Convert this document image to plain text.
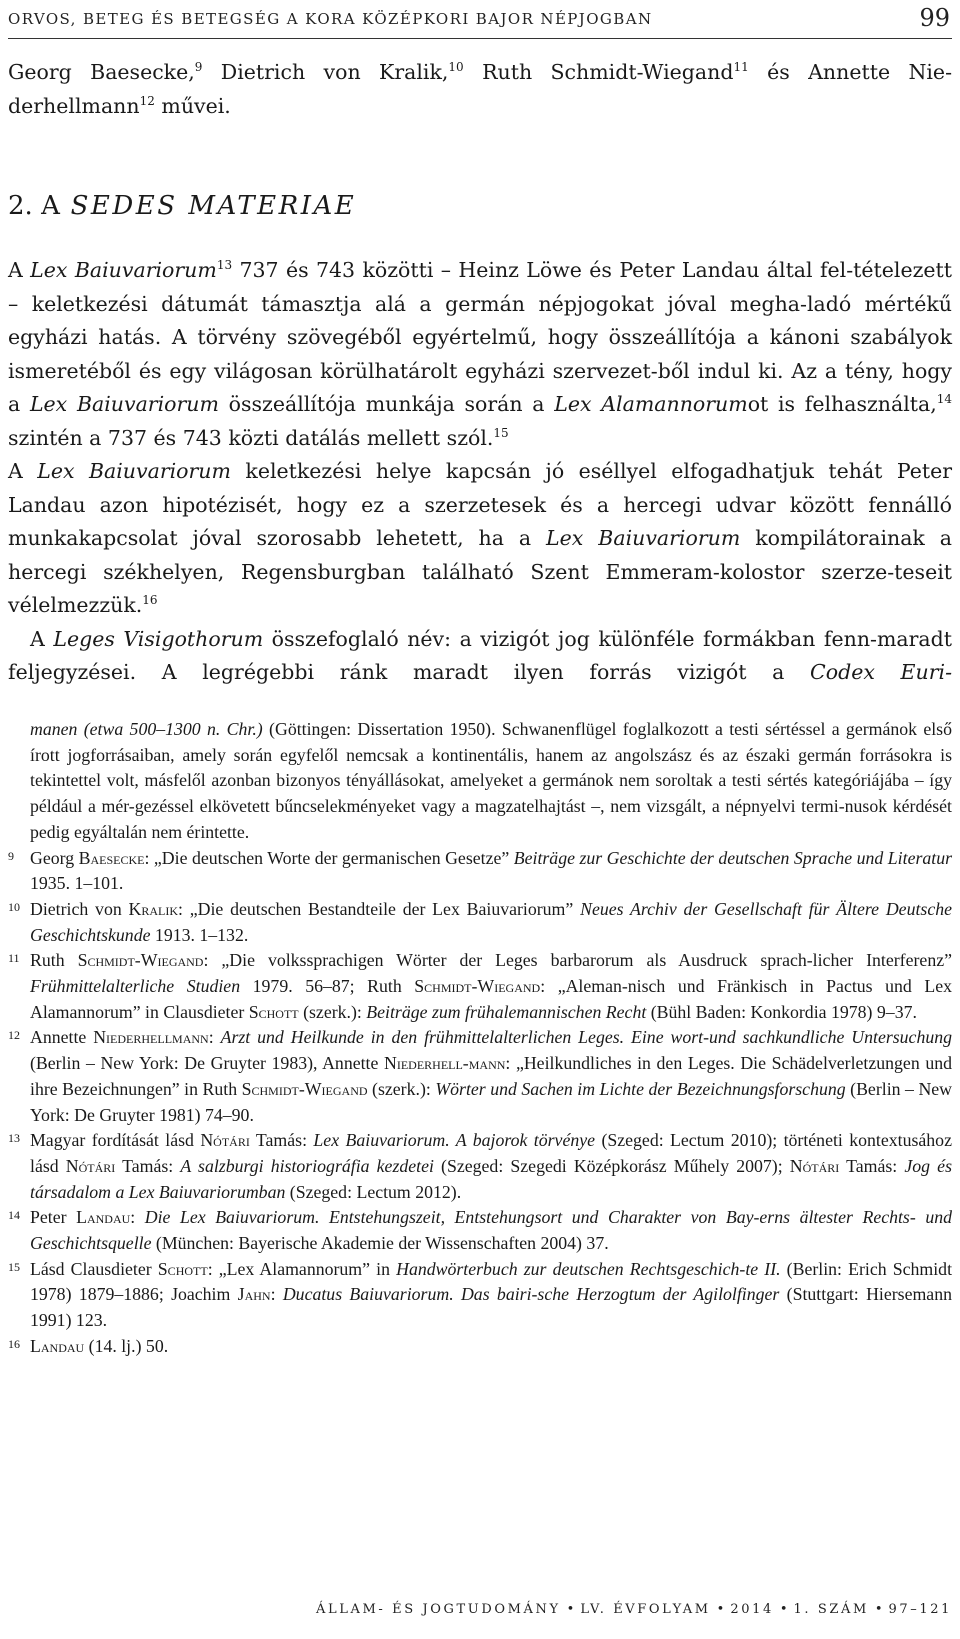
ORVOS, BETEG ÉS BETEGSÉG A KORA KÖZÉPKORI BAJOR NÉPJOGBAN	99

Georg Baesecke,$^9$ Dietrich von Kralik,$^{10}$ Ruth Schmidt-Wiegand$^{11}$ és Annette Nie-derhellmann$^{12}$ művei.

2. A SEDES MATERIAE

A Lex Baiuvariorum$^{13}$ 737 és 743 közötti – Heinz Löwe és Peter Landau által fel-tételezett – keletkezési dátumát támasztja alá a germán népjogokat jóval megha-ladó mértékű egyházi hatás. A törvény szövegéből egyértelmű, hogy összeállítója a kánoni szabályok ismeretéből és egy világosan körülhatárolt egyházi szervezet-ből indul ki. Az a tény, hogy a Lex Baiuvariorum összeállítója munkája során a Lex Alamannorumot is felhasználta,$^{14}$ szintén a 737 és 743 közti datálás mellett szól.$^{15}$

A Lex Baiuvariorum keletkezési helye kapcsán jó eséllyel elfogadhatjuk tehát Peter Landau azon hipotézisét, hogy ez a szerzetesek és a hercegi udvar között fennálló munkakapcsolat jóval szorosabb lehetett, ha a Lex Baiuvariorum kompilátorainak a hercegi székhelyen, Regensburgban található Szent Emmeram-kolostor szerze-teseit vélelmezzük.$^{16}$

A Leges Visigothorum összefoglaló név: a vizigót jog különféle formákban fenn-maradt feljegyzései. A legrégebbi ránk maradt ilyen forrás vizigót a Codex Euri-

manen (etwa 500–1300 n. Chr.) (Göttingen: Dissertation 1950). Schwanenflügel foglalkozott a testi sértéssel a germánok első írott jogforrásaiban, amely során egyfelől nemcsak a kontinentális, hanem az angolszász és az északi germán forrásokra is tekintettel volt, másfelől azonban bizonyos tényállásokat, amelyeket a germánok nem soroltak a testi sértés kategóriájába – így például a mér-gezéssel elkövetett bűncselekményeket vagy a magzatelhajtást –, nem vizsgált, a népnyelvi termi-nusok kérdését pedig egyáltalán nem érintette.
9 Georg Baesecke: „Die deutschen Worte der germanischen Gesetze” Beiträge zur Geschichte der deutschen Sprache und Literatur 1935. 1–101.
10 Dietrich von Kralik: „Die deutschen Bestandteile der Lex Baiuvariorum” Neues Archiv der Gesellschaft für Ältere Deutsche Geschichtskunde 1913. 1–132.
11 Ruth Schmidt-Wiegand: „Die volkssprachigen Wörter der Leges barbarorum als Ausdruck sprach-licher Interferenz” Frühmittelalterliche Studien 1979. 56–87; Ruth Schmidt-Wiegand: „Aleman-nisch und Fränkisch in Pactus und Lex Alamannorum” in Clausdieter Schott (szerk.): Beiträge zum frühalemannischen Recht (Bühl Baden: Konkordia 1978) 9–37.
12 Annette Niederhellmann: Arzt und Heilkunde in den frühmittelalterlichen Leges. Eine wort-und sachkundliche Untersuchung (Berlin – New York: De Gruyter 1983), Annette Niederhell-mann: „Heilkundliches in den Leges. Die Schädelverletzungen und ihre Bezeichnungen” in Ruth Schmidt-Wiegand (szerk.): Wörter und Sachen im Lichte der Bezeichnungsforschung (Berlin – New York: De Gruyter 1981) 74–90.
13 Magyar fordítását lásd Nótári Tamás: Lex Baiuvariorum. A bajorok törvénye (Szeged: Lectum 2010); történeti kontextusához lásd Nótári Tamás: A salzburgi historiográfia kezdetei (Szeged: Szegedi Középkorász Műhely 2007); Nótári Tamás: Jog és társadalom a Lex Baiuvariorumban (Szeged: Lectum 2012).
14 Peter Landau: Die Lex Baiuvariorum. Entstehungszeit, Entstehungsort und Charakter von Bay-erns ältester Rechts- und Geschichtsquelle (München: Bayerische Akademie der Wissenschaften 2004) 37.
15 Lásd Clausdieter Schott: „Lex Alamannorum” in Handwörterbuch zur deutschen Rechtsgeschich-te II. (Berlin: Erich Schmidt 1978) 1879–1886; Joachim Jahn: Ducatus Baiuvariorum. Das bairi-sche Herzogtum der Agilolfinger (Stuttgart: Hiersemann 1991) 123.
16 Landau (14. lj.) 50.
ÁLLAM- ÉS JOGTUDOMÁNY • LV. ÉVFOLYAM • 2014 • 1. SZÁM • 97–121
